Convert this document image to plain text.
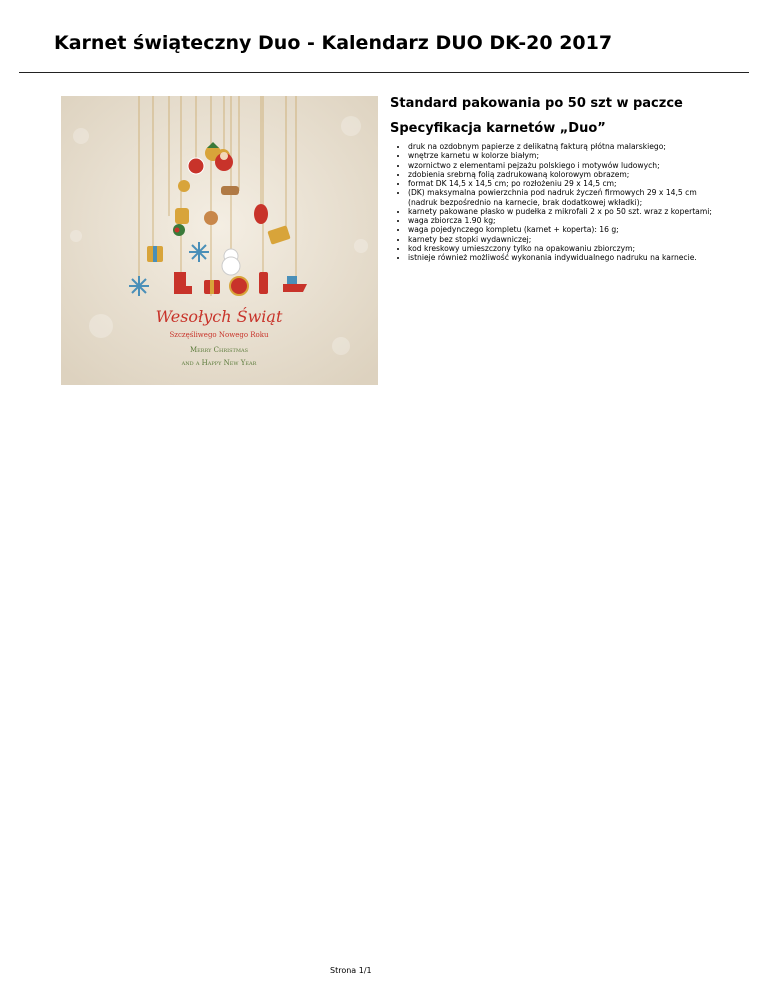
Karnet świąteczny Duo - Kalendarz DUO DK-20 2017
Wesołych Świąt
Szczęśliwego Nowego Roku
Merry Christmas
and a Happy New Year
Standard pakowania po 50 szt w paczce
Specyfikacja karnetów „Duo”
• druk na ozdobnym papierze z delikatną fakturą płótna malarskiego;
• wnętrze karnetu w kolorze białym;
• wzornictwo z elementami pejzażu polskiego i motywów ludowych;
• zdobienia srebrną folią zadrukowaną kolorowym obrazem;
• format DK 14,5 x 14,5 cm; po rozłożeniu 29 x 14,5 cm;
• (DK) maksymalna powierzchnia pod nadruk życzeń firmowych 29 x 14,5 cm (nadruk bezpośrednio na karnecie, brak dodatkowej wkładki);
• karnety pakowane płasko w pudełka z mikrofali 2 x po 50 szt. wraz z kopertami;
• waga zbiorcza 1.90 kg;
• waga pojedynczego kompletu (karnet + koperta): 16 g;
• karnety bez stopki wydawniczej;
• kod kreskowy umieszczony tylko na opakowaniu zbiorczym;
• istnieje również możliwość wykonania indywidualnego nadruku na karnecie.
Strona 1/1
